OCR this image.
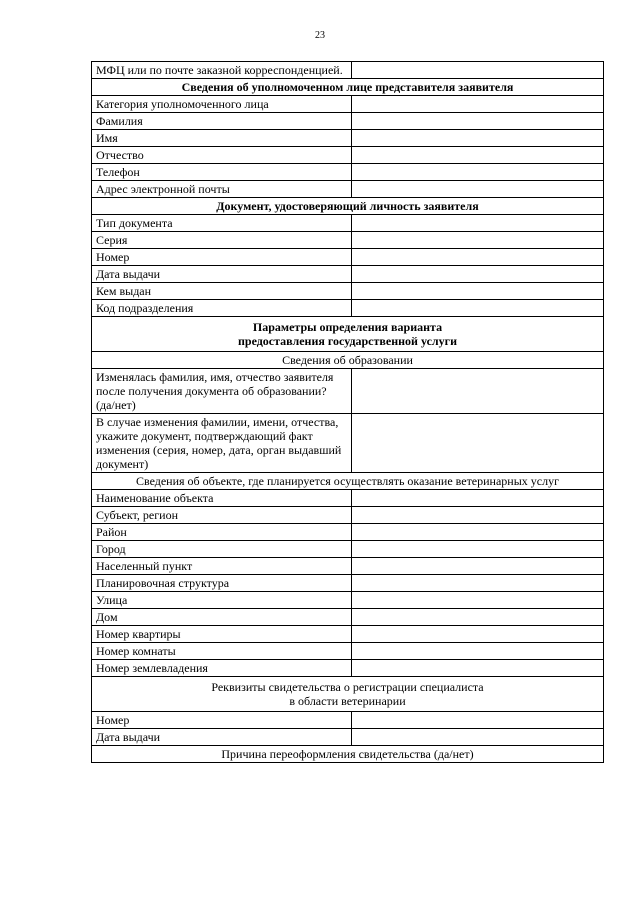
23
МФЦ или по почте заказной корреспонденцией.	
Сведения об уполномоченном лице представителя заявителя	
Категория уполномоченного лица	
Фамилия	
Имя	
Отчество	
Телефон	
Адрес электронной почты	
Документ, удостоверяющий личность заявителя	
Тип документа	
Серия	
Номер	
Дата выдачи	
Кем выдан	
Код подразделения	

Параметры определения варианта
предоставления государственной услуги	

Сведения об образовании	
Изменялась фамилия, имя, отчество заявителя после получения документа об образовании? (да/нет)	
В случае изменения фамилии, имени, отчества, укажите документ, подтверждающий факт изменения (серия, номер, дата, орган выдавший документ)	
Сведения об объекте, где планируется осуществлять оказание ветеринарных услуг	
Наименование объекта	
Субъект, регион	
Район	
Город	
Населенный пункт	
Планировочная структура	
Улица	
Дом	
Номер квартиры	
Номер комнаты	
Номер землевладения	

Реквизиты свидетельства о регистрации специалиста
в области ветеринарии	

Номер	
Дата выдачи	
Причина переоформления свидетельства (да/нет)	
